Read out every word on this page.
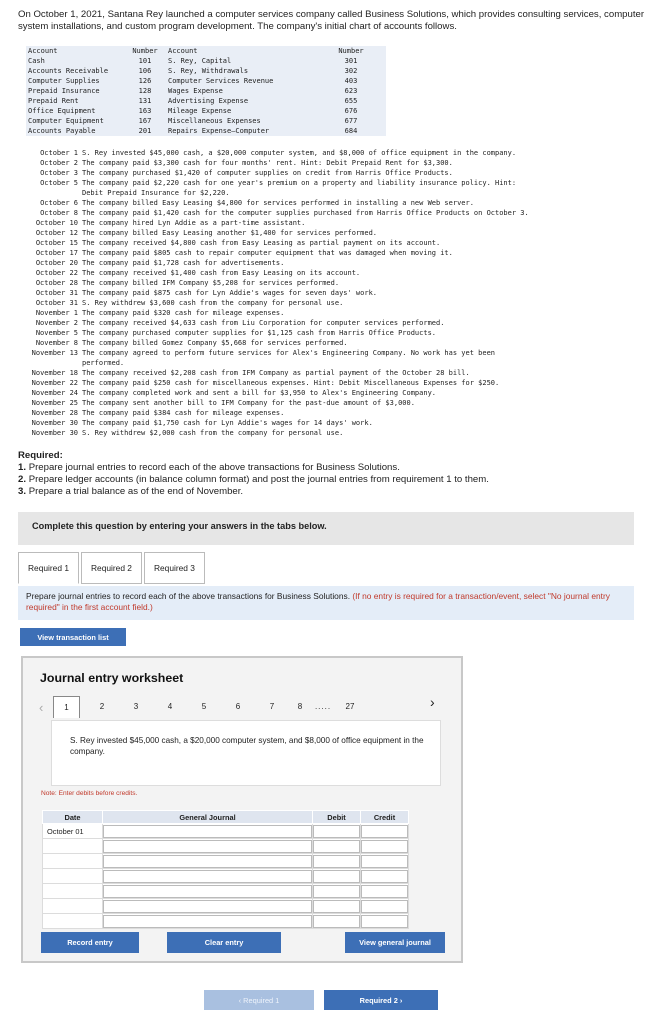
On October 1, 2021, Santana Rey launched a computer services company called Business Solutions, which provides consulting services, computer system installations, and custom program development. The company's initial chart of accounts follows.
Account	Number	Account	Number
Cash	101	S. Rey, Capital	301
Accounts Receivable	106	S. Rey, Withdrawals	302
Computer Supplies	126	Computer Services Revenue	403
Prepaid Insurance	128	Wages Expense	623
Prepaid Rent	131	Advertising Expense	655
Office Equipment	163	Mileage Expense	676
Computer Equipment	167	Miscellaneous Expenses	677
Accounts Payable	201	Repairs Expense—Computer	684
October 1 S. Rey invested $45,000 cash, a $20,000 computer system, and $8,000 of office equipment in the company.
October 2 The company paid $3,300 cash for four months' rent. Hint: Debit Prepaid Rent for $3,300.
October 3 The company purchased $1,420 of computer supplies on credit from Harris Office Products.
October 5 The company paid $2,220 cash for one year's premium on a property and liability insurance policy. Hint:
Debit Prepaid Insurance for $2,220.
October 6 The company billed Easy Leasing $4,800 for services performed in installing a new Web server.
October 8 The company paid $1,420 cash for the computer supplies purchased from Harris Office Products on October 3.
October 10 The company hired Lyn Addie as a part-time assistant.
October 12 The company billed Easy Leasing another $1,400 for services performed.
October 15 The company received $4,800 cash from Easy Leasing as partial payment on its account.
October 17 The company paid $805 cash to repair computer equipment that was damaged when moving it.
October 20 The company paid $1,728 cash for advertisements.
October 22 The company received $1,400 cash from Easy Leasing on its account.
October 28 The company billed IFM Company $5,208 for services performed.
October 31 The company paid $875 cash for Lyn Addie's wages for seven days' work.
October 31 S. Rey withdrew $3,600 cash from the company for personal use.
November 1 The company paid $320 cash for mileage expenses.
November 2 The company received $4,633 cash from Liu Corporation for computer services performed.
November 5 The company purchased computer supplies for $1,125 cash from Harris Office Products.
November 8 The company billed Gomez Company $5,668 for services performed.
November 13 The company agreed to perform future services for Alex's Engineering Company. No work has yet been
performed.
November 18 The company received $2,208 cash from IFM Company as partial payment of the October 28 bill.
November 22 The company paid $250 cash for miscellaneous expenses. Hint: Debit Miscellaneous Expenses for $250.
November 24 The company completed work and sent a bill for $3,950 to Alex's Engineering Company.
November 25 The company sent another bill to IFM Company for the past-due amount of $3,000.
November 28 The company paid $384 cash for mileage expenses.
November 30 The company paid $1,750 cash for Lyn Addie's wages for 14 days' work.
November 30 S. Rey withdrew $2,000 cash from the company for personal use.
Required:
1. Prepare journal entries to record each of the above transactions for Business Solutions.
2. Prepare ledger accounts (in balance column format) and post the journal entries from requirement 1 to them.
3. Prepare a trial balance as of the end of November.
Complete this question by entering your answers in the tabs below.
Required 1	Required 2	Required 3
Prepare journal entries to record each of the above transactions for Business Solutions. (If no entry is required for a transaction/event, select "No journal entry required" in the first account field.)
View transaction list
Journal entry worksheet
‹	1	2	3	4	5	6	7	8	.....	27
S. Rey invested $45,000 cash, a $20,000 computer system, and $8,000 of office equipment in the company.
Note: Enter debits before credits.
Date	General Journal	Debit	Credit
October 01	

Record entry	Clear entry	View general journal
›
‹ Required 1	Required 2 ›
